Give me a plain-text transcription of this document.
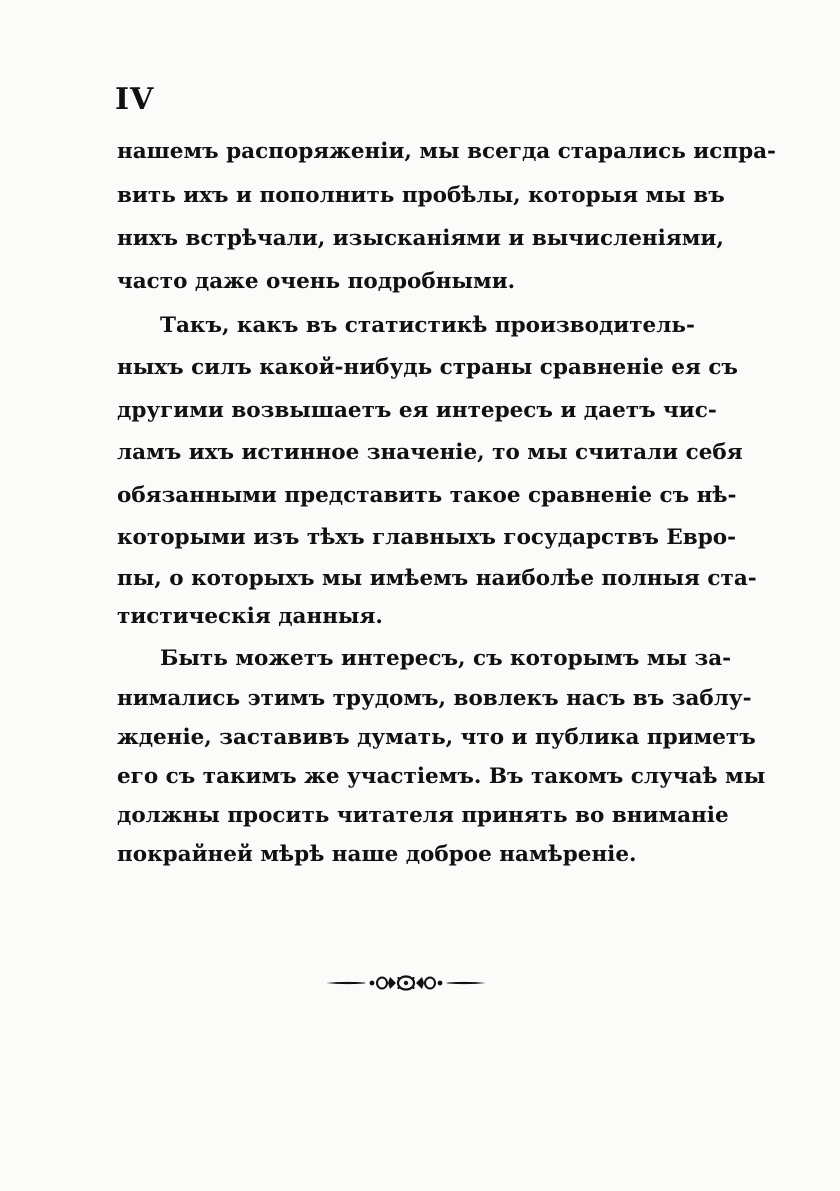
IV
нашемъ распоряженіи, мы всегда старались испра-
вить ихъ и пополнить пробѣлы, которыя мы въ
нихъ встрѣчали, изысканіями и вычисленіями,
часто даже очень подробными.
Такъ, какъ въ статистикѣ производитель-
ныхъ силъ какой-нибудь страны сравненіе ея съ
другими возвышаетъ ея интересъ и даетъ чис-
ламъ ихъ истинное значеніе, то мы считали себя
обязанными представить такое сравненіе съ нѣ-
которыми изъ тѣхъ главныхъ государствъ Евро-
пы, о которыхъ мы имѣемъ наиболѣе полныя ста-
тистическія данныя.
Быть можетъ интересъ, съ которымъ мы за-
нимались этимъ трудомъ, вовлекъ насъ въ заблу-
жденіе, заставивъ думать, что и публика приметъ
его съ такимъ же участіемъ. Въ такомъ случаѣ мы
должны просить читателя принять во вниманіе
покрайней мѣрѣ наше доброе намѣреніе.
